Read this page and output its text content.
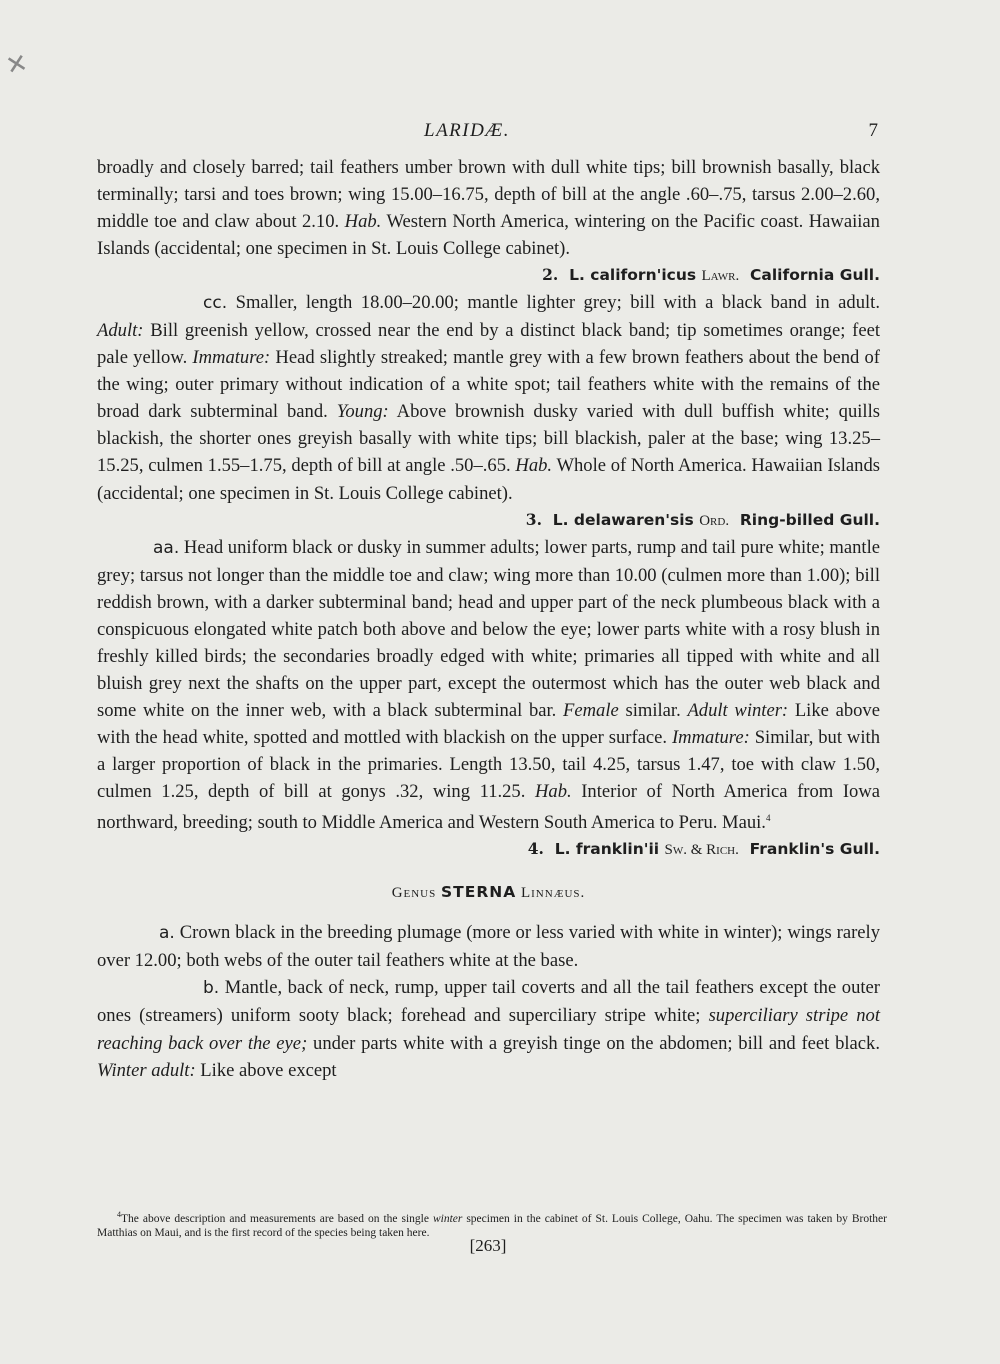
✕
LARIDÆ.	7

broadly and closely barred; tail feathers umber brown with dull white tips; bill brownish basally, black terminally; tarsi and toes brown; wing 15.00–16.75, depth of bill at the angle .60–.75, tarsus 2.00–2.60, middle toe and claw about 2.10. Hab. Western North America, wintering on the Pacific coast. Hawaiian Islands (accidental; one specimen in St. Louis College cabinet).

2. L. californ'icus Lawr. California Gull.

cc. Smaller, length 18.00–20.00; mantle lighter grey; bill with a black band in adult. Adult: Bill greenish yellow, crossed near the end by a distinct black band; tip sometimes orange; feet pale yellow. Immature: Head slightly streaked; mantle grey with a few brown feathers about the bend of the wing; outer primary without indication of a white spot; tail feathers white with the remains of the broad dark subterminal band. Young: Above brownish dusky varied with dull buffish white; quills blackish, the shorter ones greyish basally with white tips; bill blackish, paler at the base; wing 13.25–15.25, culmen 1.55–1.75, depth of bill at angle .50–.65. Hab. Whole of North America. Hawaiian Islands (accidental; one specimen in St. Louis College cabinet).

3. L. delawaren'sis Ord. Ring-billed Gull.

aa. Head uniform black or dusky in summer adults; lower parts, rump and tail pure white; mantle grey; tarsus not longer than the middle toe and claw; wing more than 10.00 (culmen more than 1.00); bill reddish brown, with a darker subterminal band; head and upper part of the neck plumbeous black with a conspicuous elongated white patch both above and below the eye; lower parts white with a rosy blush in freshly killed birds; the secondaries broadly edged with white; primaries all tipped with white and all bluish grey next the shafts on the upper part, except the outermost which has the outer web black and some white on the inner web, with a black subterminal bar. Female similar. Adult winter: Like above with the head white, spotted and mottled with blackish on the upper surface. Immature: Similar, but with a larger proportion of black in the primaries. Length 13.50, tail 4.25, tarsus 1.47, toe with claw 1.50, culmen 1.25, depth of bill at gonys .32, wing 11.25. Hab. Interior of North America from Iowa northward, breeding; south to Middle America and Western South America to Peru. Maui.$^4$

4. L. franklin'ii Sw. & Rich. Franklin's Gull.

Genus STERNA Linnæus.

a. Crown black in the breeding plumage (more or less varied with white in winter); wings rarely over 12.00; both webs of the outer tail feathers white at the base.

b. Mantle, back of neck, rump, upper tail coverts and all the tail feathers except the outer ones (streamers) uniform sooty black; forehead and superciliary stripe white; superciliary stripe not reaching back over the eye; under parts white with a greyish tinge on the abdomen; bill and feet black. Winter adult: Like above except

$^4$The above description and measurements are based on the single winter specimen in the cabinet of St. Louis College, Oahu. The specimen was taken by Brother Matthias on Maui, and is the first record of the species being taken here.
[263]
